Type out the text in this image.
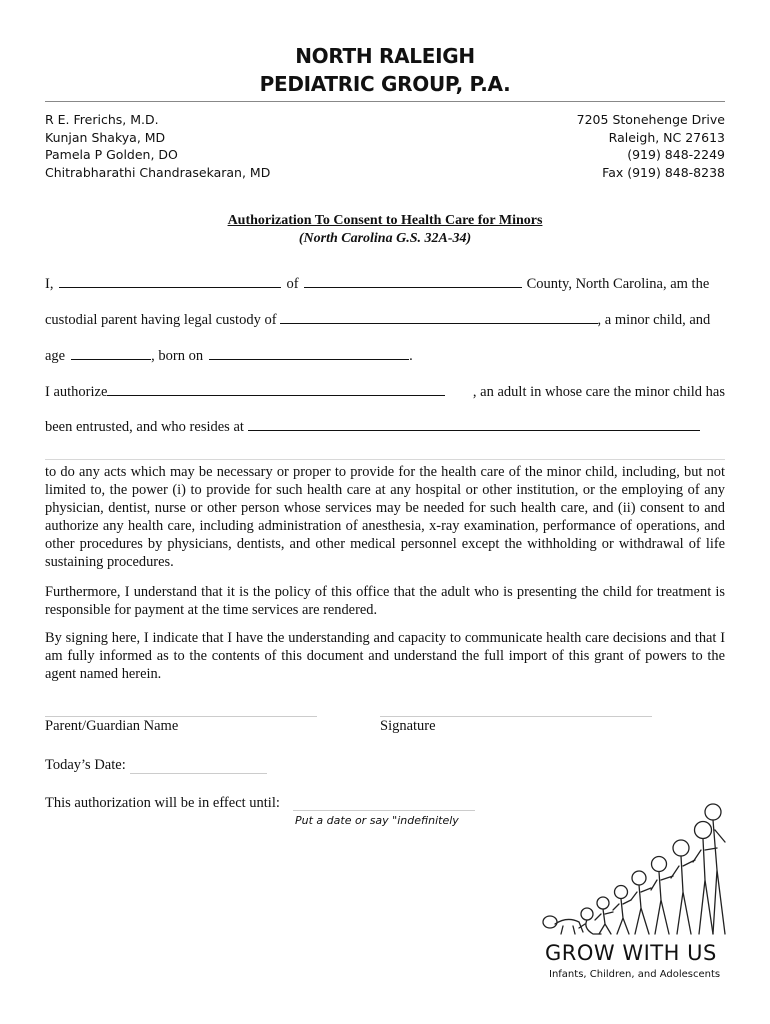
NORTH RALEIGH
PEDIATRIC GROUP, P.A.
R E. Frerichs, M.D.
Kunjan Shakya, MD
Pamela P Golden, DO
Chitrabharathi Chandrasekaran, MD
7205 Stonehenge Drive
Raleigh, NC 27613
(919) 848-2249
Fax (919) 848-8238
Authorization To Consent to Health Care for Minors
(North Carolina G.S. 32A-34)
I,	of	County, North Carolina, am the
custodial parent having legal custody of	, a minor child, and
age	, born on	.
I authorize	, an adult in whose care the minor child has
been entrusted, and who resides at
to do any acts which may be necessary or proper to provide for the health care of the minor child, including, but not limited to, the power (i) to provide for such health care at any hospital or other institution, or the employing of any physician, dentist, nurse or other person whose services may be needed for such health care, and (ii) consent to and authorize any health care, including administration of anesthesia, x-ray examination, performance of operations, and other procedures by physicians, dentists, and other medical personnel except the withholding or withdrawal of life sustaining procedures.
Furthermore, I understand that it is the policy of this office that the adult who is presenting the child for treatment is responsible for payment at the time services are rendered.
By signing here, I indicate that I have the understanding and capacity to communicate health care decisions and that I am fully informed as to the contents of this document and understand the full import of this grant of powers to the agent named herein.
Parent/Guardian Name	Signature
Today’s Date:
This authorization will be in effect until:
Put a date or say "indefinitely
GROW WITH US
Infants, Children, and Adolescents
